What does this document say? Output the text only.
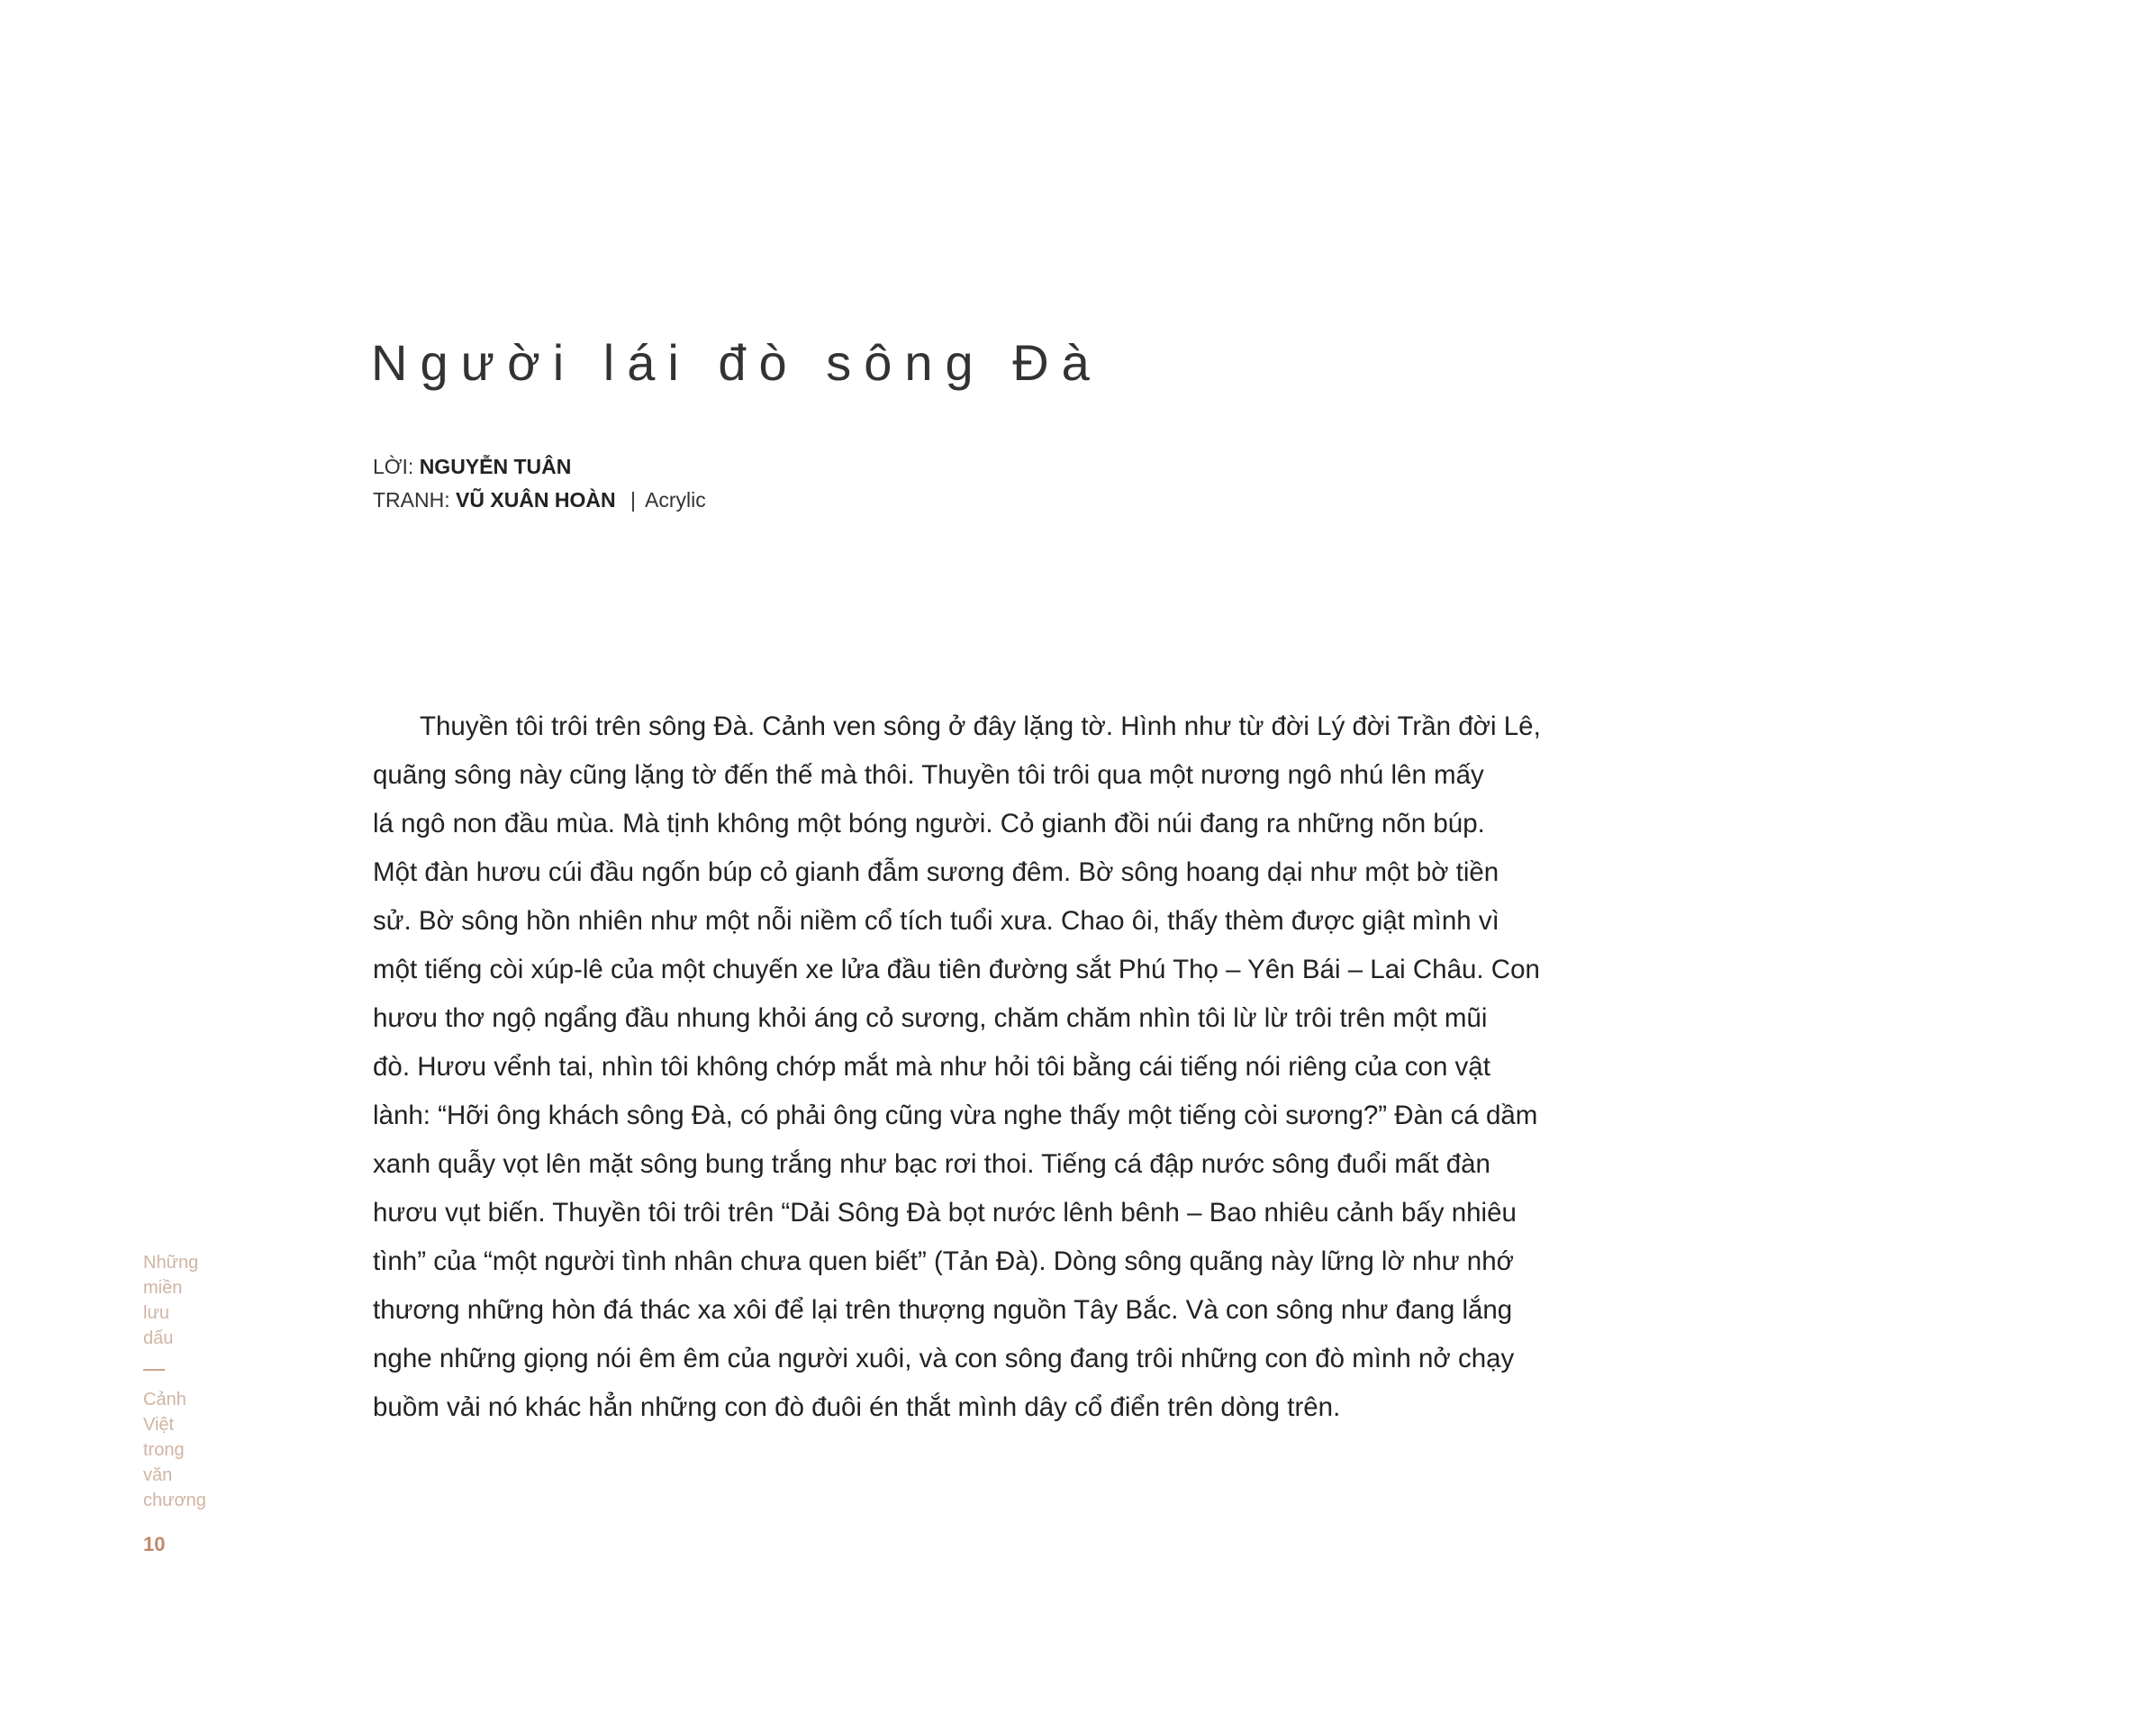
Người lái đò sông Đà
LỜI: NGUYỄN TUÂN
TRANH: VŨ XUÂN HOÀN | Acrylic
Thuyền tôi trôi trên sông Đà. Cảnh ven sông ở đây lặng tờ. Hình như từ đời Lý đời Trần đời Lê,
quãng sông này cũng lặng tờ đến thế mà thôi. Thuyền tôi trôi qua một nương ngô nhú lên mấy
lá ngô non đầu mùa. Mà tịnh không một bóng người. Cỏ gianh đồi núi đang ra những nõn búp.
Một đàn hươu cúi đầu ngốn búp cỏ gianh đẫm sương đêm. Bờ sông hoang dại như một bờ tiền
sử. Bờ sông hồn nhiên như một nỗi niềm cổ tích tuổi xưa. Chao ôi, thấy thèm được giật mình vì
một tiếng còi xúp-lê của một chuyến xe lửa đầu tiên đường sắt Phú Thọ – Yên Bái – Lai Châu. Con
hươu thơ ngộ ngẩng đầu nhung khỏi áng cỏ sương, chăm chăm nhìn tôi lừ lừ trôi trên một mũi
đò. Hươu vểnh tai, nhìn tôi không chớp mắt mà như hỏi tôi bằng cái tiếng nói riêng của con vật
lành: “Hỡi ông khách sông Đà, có phải ông cũng vừa nghe thấy một tiếng còi sương?” Đàn cá dầm
xanh quẫy vọt lên mặt sông bung trắng như bạc rơi thoi. Tiếng cá đập nước sông đuổi mất đàn
hươu vụt biến. Thuyền tôi trôi trên “Dải Sông Đà bọt nước lênh bênh – Bao nhiêu cảnh bấy nhiêu
tình” của “một người tình nhân chưa quen biết” (Tản Đà). Dòng sông quãng này lững lờ như nhớ
thương những hòn đá thác xa xôi để lại trên thượng nguồn Tây Bắc. Và con sông như đang lắng
nghe những giọng nói êm êm của người xuôi, và con sông đang trôi những con đò mình nở chạy
buồm vải nó khác hẳn những con đò đuôi én thắt mình dây cổ điển trên dòng trên.
Những
miền
lưu
dấu
Cảnh
Việt
trong
văn
chương
10
